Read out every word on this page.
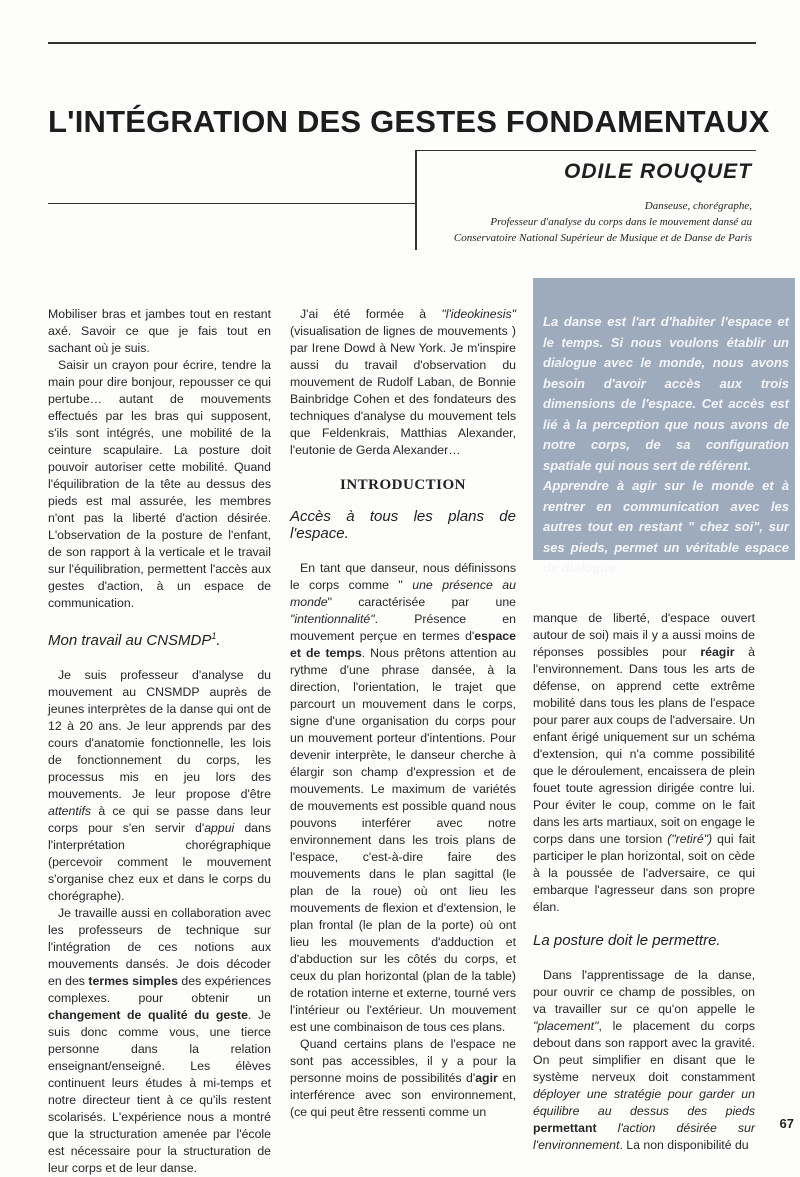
L'INTÉGRATION DES GESTES FONDAMENTAUX
ODILE ROUQUET
Danseuse, chorégraphe,
Professeur d'analyse du corps dans le mouvement dansé au
Conservatoire National Supérieur de Musique et de Danse de Paris

Mobiliser bras et jambes tout en restant axé. Savoir ce que je fais tout en sachant où je suis.

Saisir un crayon pour écrire, tendre la main pour dire bonjour, repousser ce qui pertube… autant de mouvements effectués par les bras qui supposent, s'ils sont intégrés, une mobilité de la ceinture scapulaire. La posture doit pouvoir autoriser cette mobilité. Quand l'équilibration de la tête au dessus des pieds est mal assurée, les membres n'ont pas la liberté d'action désirée. L'observation de la posture de l'enfant, de son rapport à la verticale et le travail sur l'équilibration, permettent l'accès aux gestes d'action, à un espace de communication.

Mon travail au CNSMDP$^1$.

Je suis professeur d'analyse du mouvement au CNSMDP auprès de jeunes interprètes de la danse qui ont de 12 à 20 ans. Je leur apprends par des cours d'anatomie fonctionnelle, les lois de fonctionnement du corps, les processus mis en jeu lors des mouvements. Je leur propose d'être attentifs à ce qui se passe dans leur corps pour s'en servir d'appui dans l'interprétation chorégraphique (percevoir comment le mouvement s'organise chez eux et dans le corps du chorégraphe).

Je travaille aussi en collaboration avec les professeurs de technique sur l'intégration de ces notions aux mouvements dansés. Je dois décoder en des termes simples des expériences complexes. pour obtenir un changement de qualité du geste. Je suis donc comme vous, une tierce personne dans la relation enseignant/enseigné. Les élèves continuent leurs études à mi-temps et notre directeur tient à ce qu'ils restent scolarisés. L'expérience nous a montré que la structuration amenée par l'école est nécessaire pour la structuration de leur corps et de leur danse.

J'ai été formée à "l'ideokinesis" (visualisation de lignes de mouvements ) par Irene Dowd à New York. Je m'inspire aussi du travail d'observation du mouvement de Rudolf Laban, de Bonnie Bainbridge Cohen et des fondateurs des techniques d'analyse du mouvement tels que Feldenkrais, Matthias Alexander, l'eutonie de Gerda Alexander…

INTRODUCTION
Accès à tous les plans de l'espace.

En tant que danseur, nous définissons le corps comme " une présence au monde" caractérisée par une "intentionnalité". Présence en mouvement perçue en termes d'espace et de temps. Nous prêtons attention au rythme d'une phrase dansée, à la direction, l'orientation, le trajet que parcourt un mouvement dans le corps, signe d'une organisation du corps pour un mouvement porteur d'intentions. Pour devenir interprète, le danseur cherche à élargir son champ d'expression et de mouvements. Le maximum de variétés de mouvements est possible quand nous pouvons interférer avec notre environnement dans les trois plans de l'espace, c'est-à-dire faire des mouvements dans le plan sagittal (le plan de la roue) où ont lieu les mouvements de flexion et d'extension, le plan frontal (le plan de la porte) où ont lieu les mouvements d'adduction et d'abduction sur les côtés du corps, et ceux du plan horizontal (plan de la table) de rotation interne et externe, tourné vers l'intérieur ou l'extérieur. Un mouvement est une combinaison de tous ces plans.

Quand certains plans de l'espace ne sont pas accessibles, il y a pour la personne moins de possibilités d'agir en interférence avec son environnement, (ce qui peut être ressenti comme un

La danse est l'art d'habiter l'espace et le temps. Si nous voulons établir un dialogue avec le monde, nous avons besoin d'avoir accès aux trois dimensions de l'espace. Cet accès est lié à la perception que nous avons de notre corps, de sa configuration spatiale qui nous sert de référent.

Apprendre à agir sur le monde et à rentrer en communication avec les autres tout en restant " chez soi", sur ses pieds, permet un véritable espace de dialogue.

manque de liberté, d'espace ouvert autour de soi) mais il y a aussi moins de réponses possibles pour réagir à l'environnement. Dans tous les arts de défense, on apprend cette extrême mobilité dans tous les plans de l'espace pour parer aux coups de l'adversaire. Un enfant érigé uniquement sur un schéma d'extension, qui n'a comme possibilité que le déroulement, encaissera de plein fouet toute agression dirigée contre lui. Pour éviter le coup, comme on le fait dans les arts martiaux, soit on engage le corps dans une torsion ("retiré") qui fait participer le plan horizontal, soit on cède à la poussée de l'adversaire, ce qui embarque l'agresseur dans son propre élan.

La posture doit le permettre.

Dans l'apprentissage de la danse, pour ouvrir ce champ de possibles, on va travailler sur ce qu'on appelle le "placement", le placement du corps debout dans son rapport avec la gravité. On peut simplifier en disant que le système nerveux doit constamment déployer une stratégie pour garder un équilibre au dessus des pieds permettant l'action désirée sur l'environnement. La non disponibilité du

67
